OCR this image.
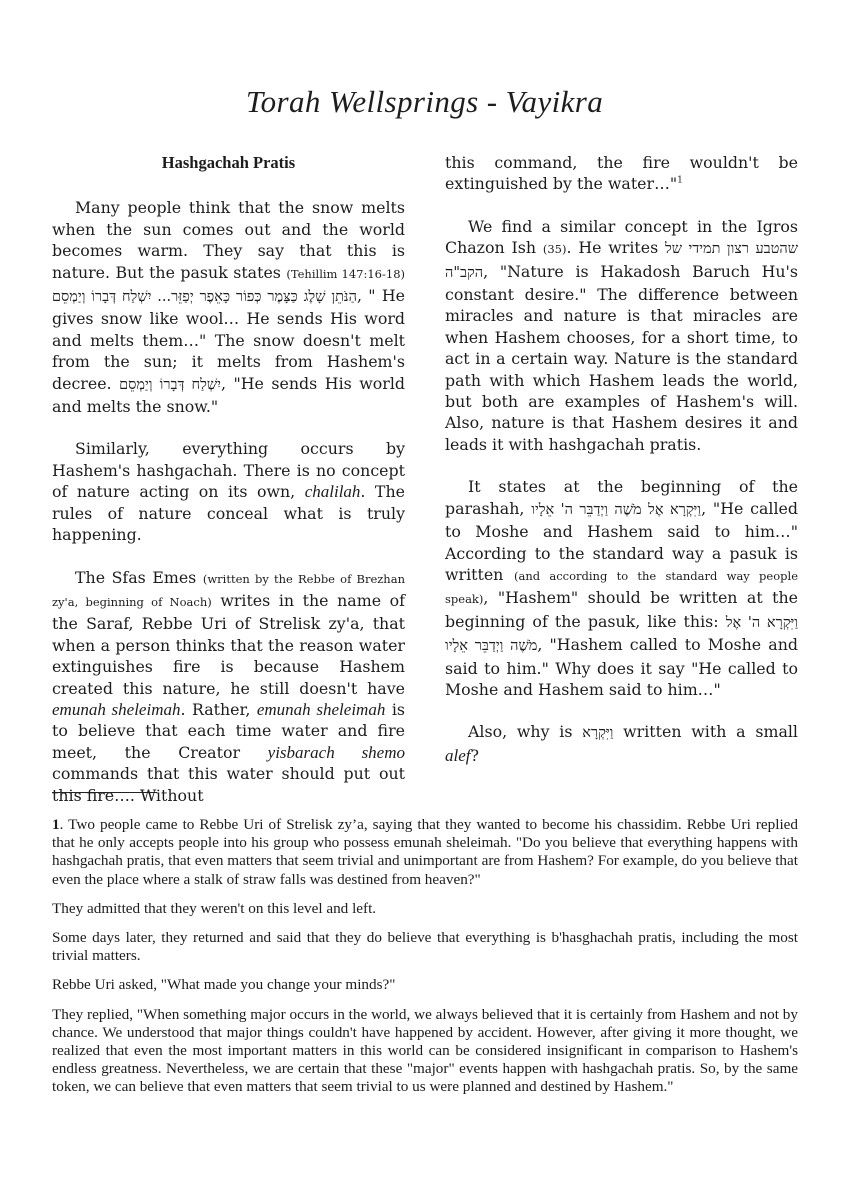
Torah Wellsprings - Vayikra
Hashgachah Pratis

Many people think that the snow melts when the sun comes out and the world becomes warm. They say that this is nature. But the pasuk states (Tehillim 147:16-18) הַנֹּתֵן שָׁלֶג כַּצָּמֶר כְּפוֹר כָּאֵפֶר יְפַזֵּר... יִשְׁלַח דְּבָרוֹ וְיַמְסֵם, " He gives snow like wool… He sends His word and melts them…" The snow doesn't melt from the sun; it melts from Hashem's decree. יִשְׁלַח דְּבָרוֹ וְיַמְסֵם, "He sends His world and melts the snow."

Similarly, everything occurs by Hashem's hashgachah. There is no concept of nature acting on its own, chalilah. The rules of nature conceal what is truly happening.

The Sfas Emes (written by the Rebbe of Brezhan zy'a, beginning of Noach) writes in the name of the Saraf, Rebbe Uri of Strelisk zy'a, that when a person thinks that the reason water extinguishes fire is because Hashem created this nature, he still doesn't have emunah sheleimah. Rather, emunah sheleimah is to believe that each time water and fire meet, the Creator yisbarach shemo commands that this water should put out this fire…. Without

this command, the fire wouldn't be extinguished by the water…"$^1$

We find a similar concept in the Igros Chazon Ish (35). He writes שהטבע רצון תמידי של הקב"ה, "Nature is Hakadosh Baruch Hu's constant desire." The difference between miracles and nature is that miracles are when Hashem chooses, for a short time, to act in a certain way. Nature is the standard path with which Hashem leads the world, but both are examples of Hashem's will. Also, nature is that Hashem desires it and leads it with hashgachah pratis.

It states at the beginning of the parashah, וַיִּקְרָא אֶל מֹשֶׁה וַיְדַבֵּר ה' אֵלָיו, "He called to Moshe and Hashem said to him…" According to the standard way a pasuk is written (and according to the standard way people speak), "Hashem" should be written at the beginning of the pasuk, like this: וַיִּקְרָא ה' אֶל מֹשֶׁה וַיְדַבֵּר אֵלָיו, "Hashem called to Moshe and said to him." Why does it say "He called to Moshe and Hashem said to him…"

Also, why is וַיִּקְרָא written with a small alef?

1. Two people came to Rebbe Uri of Strelisk zy’a, saying that they wanted to become his chassidim. Rebbe Uri replied that he only accepts people into his group who possess emunah sheleimah. "Do you believe that everything happens with hashgachah pratis, that even matters that seem trivial and unimportant are from Hashem? For example, do you believe that even the place where a stalk of straw falls was destined from heaven?"

They admitted that they weren't on this level and left.

Some days later, they returned and said that they do believe that everything is b'hasghachah pratis, including the most trivial matters.

Rebbe Uri asked, "What made you change your minds?"

They replied, "When something major occurs in the world, we always believed that it is certainly from Hashem and not by chance. We understood that major things couldn't have happened by accident. However, after giving it more thought, we realized that even the most important matters in this world can be considered insignificant in comparison to Hashem's endless greatness. Nevertheless, we are certain that these "major" events happen with hashgachah pratis. So, by the same token, we can believe that even matters that seem trivial to us were planned and destined by Hashem."
